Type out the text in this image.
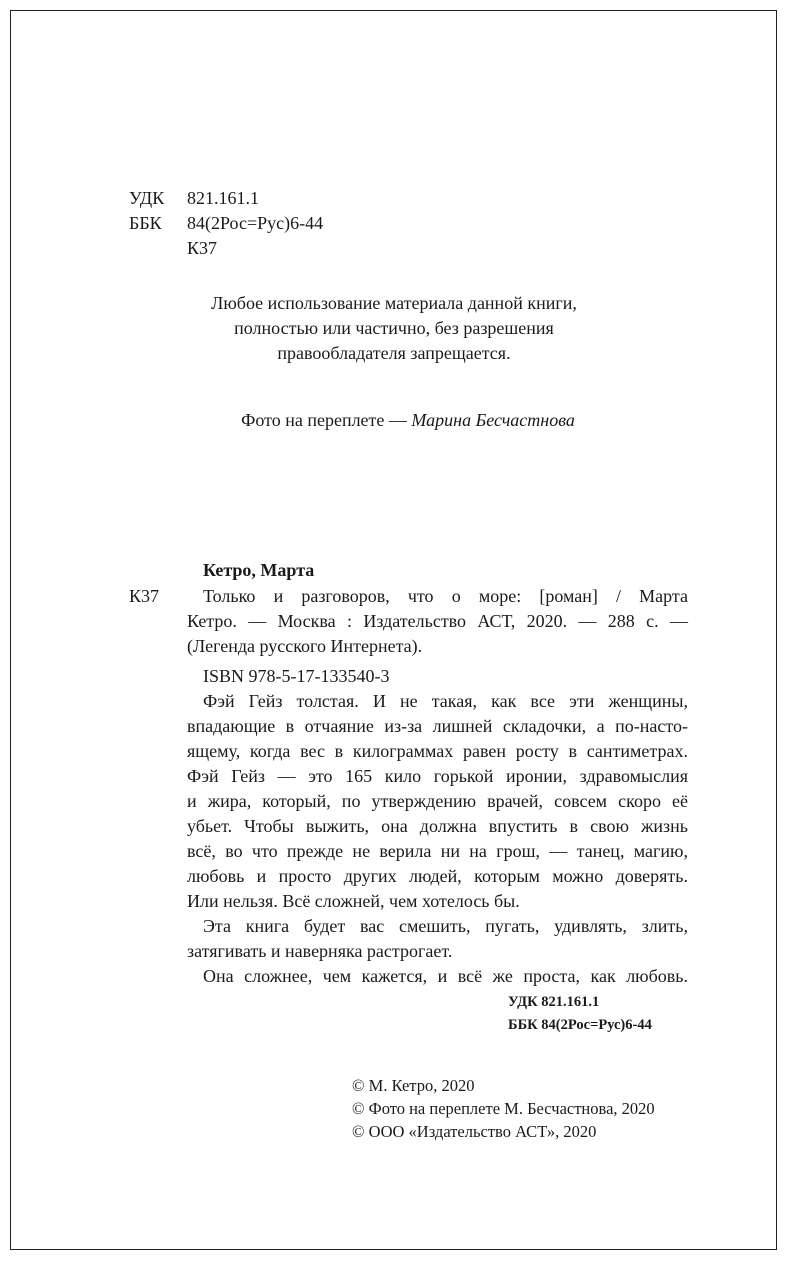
УДК 821.161.1
ББК 84(2Рос=Рус)6-44
К37
Любое использование материала данной книги,
полностью или частично, без разрешения
правообладателя запрещается.
Фото на переплете — Марина Бесчастнова
Кетро, Марта
К37 Только и разговоров, что о море: [роман] / Марта
Кетро. — Москва : Издательство АСТ, 2020. — 288 с. —
(Легенда русского Интернета).
ISBN 978-5-17-133540-3
Фэй Гейз толстая. И не такая, как все эти женщины,
впадающие в отчаяние из-за лишней складочки, а по-насто-
ящему, когда вес в килограммах равен росту в сантиметрах.
Фэй Гейз — это 165 кило горькой иронии, здравомыслия
и жира, который, по утверждению врачей, совсем скоро её
убьет. Чтобы выжить, она должна впустить в свою жизнь
всё, во что прежде не верила ни на грош, — танец, магию,
любовь и просто других людей, которым можно доверять.
Или нельзя. Всё сложней, чем хотелось бы.
Эта книга будет вас смешить, пугать, удивлять, злить,
затягивать и наверняка растрогает.
Она сложнее, чем кажется, и всё же проста, как любовь.
УДК 821.161.1
ББК 84(2Рос=Рус)6-44
© М. Кетро, 2020
© Фото на переплете М. Бесчастнова, 2020
© ООО «Издательство АСТ», 2020
